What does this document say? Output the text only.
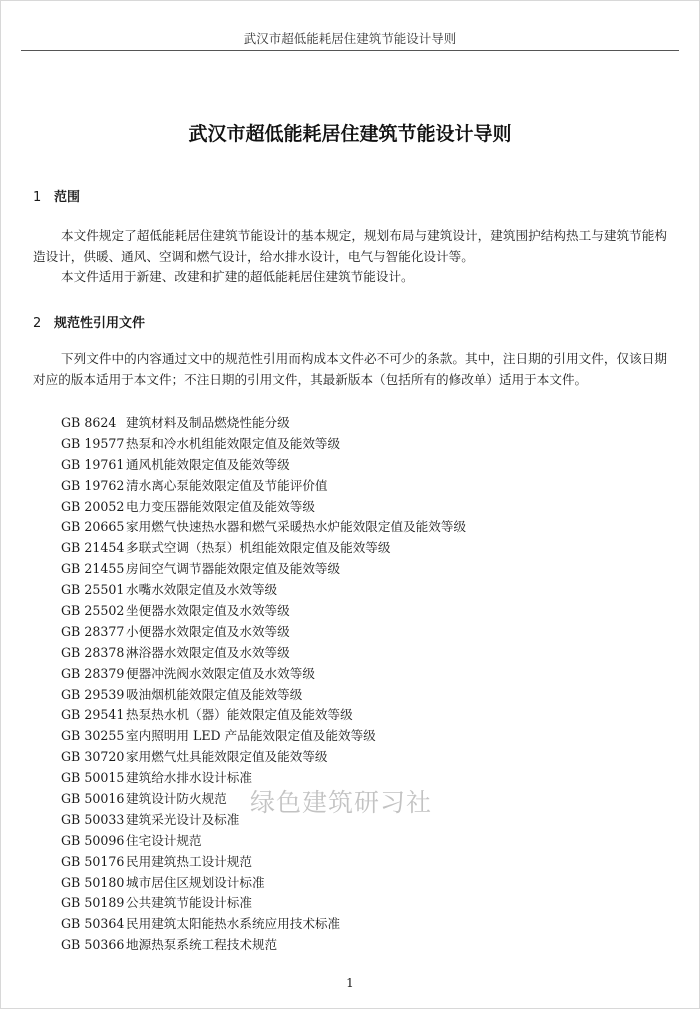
武汉市超低能耗居住建筑节能设计导则
武汉市超低能耗居住建筑节能设计导则
1 范围

本文件规定了超低能耗居住建筑节能设计的基本规定，规划布局与建筑设计，建筑围护结构热工与建筑节能构造设计，供暖、通风、空调和燃气设计，给水排水设计，电气与智能化设计等。

本文件适用于新建、改建和扩建的超低能耗居住建筑节能设计。

2 规范性引用文件

下列文件中的内容通过文中的规范性引用而构成本文件必不可少的条款。其中，注日期的引用文件，仅该日期对应的版本适用于本文件；不注日期的引用文件，其最新版本（包括所有的修改单）适用于本文件。

GB 8624 建筑材料及制品燃烧性能分级
GB 19577 热泵和冷水机组能效限定值及能效等级
GB 19761 通风机能效限定值及能效等级
GB 19762 清水离心泵能效限定值及节能评价值
GB 20052 电力变压器能效限定值及能效等级
GB 20665 家用燃气快速热水器和燃气采暖热水炉能效限定值及能效等级
GB 21454 多联式空调（热泵）机组能效限定值及能效等级
GB 21455 房间空气调节器能效限定值及能效等级
GB 25501 水嘴水效限定值及水效等级
GB 25502 坐便器水效限定值及水效等级
GB 28377 小便器水效限定值及水效等级
GB 28378 淋浴器水效限定值及水效等级
GB 28379 便器冲洗阀水效限定值及水效等级
GB 29539 吸油烟机能效限定值及能效等级
GB 29541 热泵热水机（器）能效限定值及能效等级
GB 30255 室内照明用 LED 产品能效限定值及能效等级
GB 30720 家用燃气灶具能效限定值及能效等级
GB 50015 建筑给水排水设计标准
GB 50016 建筑设计防火规范
GB 50033 建筑采光设计及标准
GB 50096 住宅设计规范
GB 50176 民用建筑热工设计规范
GB 50180 城市居住区规划设计标准
GB 50189 公共建筑节能设计标准
GB 50364 民用建筑太阳能热水系统应用技术标准
GB 50366 地源热泵系统工程技术规范
绿色建筑研习社
1
